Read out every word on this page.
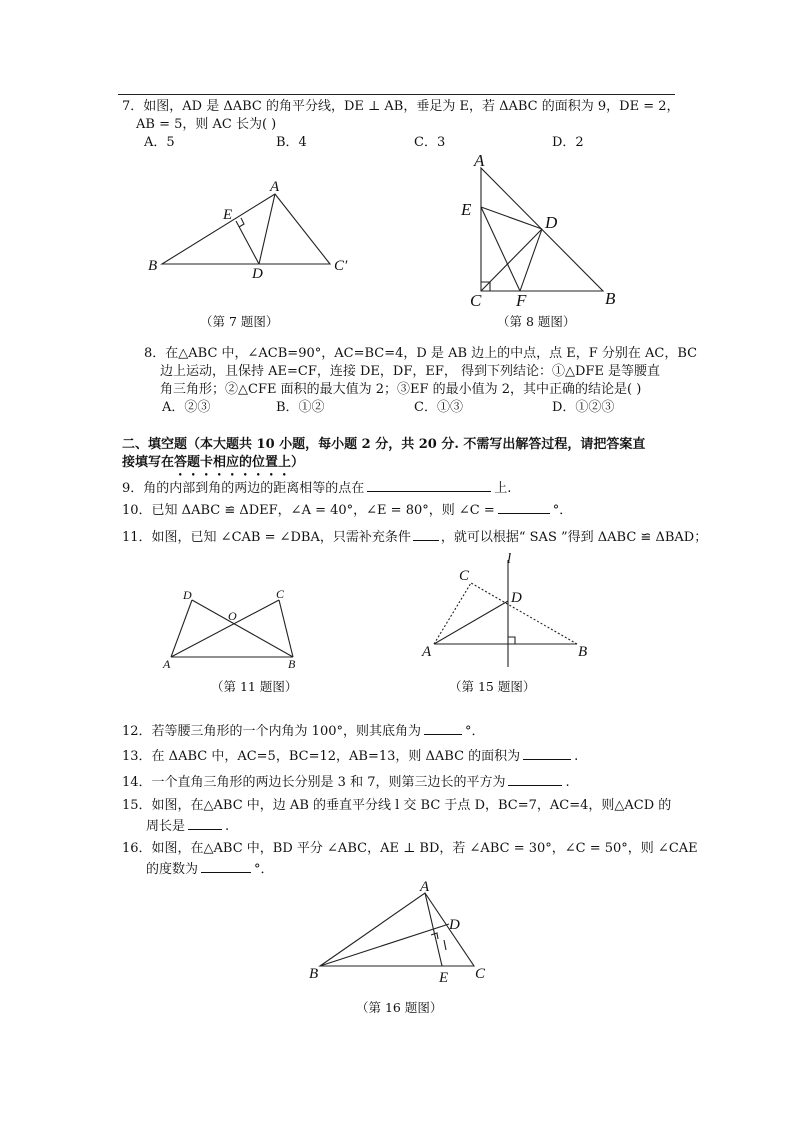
7．如图，AD 是 ΔABC 的角平分线，DE ⊥ AB，垂足为 E，若 ΔABC 的面积为 9，DE = 2，
AB = 5，则 AC 长为( )
A．5	B．4	C．3	D．2
A
E
B	D	C′
（第 7 题图）
A
E
D
C F	B
（第 8 题图）
8．在△ABC 中，∠ACB=90°，AC=BC=4，D 是 AB 边上的中点，点 E，F 分别在 AC，BC
边上运动，且保持 AE=CF，连接 DE，DF，EF， 得到下列结论：①△DFE 是等腰直
角三角形；②△CFE 面积的最大值为 2；③EF 的最小值为 2，其中正确的结论是( )
A．②③	B．①②	C．①③	D．①②③
二、填空题（本大题共 10 小题，每小题 2 分，共 20 分. 不需写出解答过程，请把答案直
接填写在答题卡相应的位置上）
9．角的内部到角的两边的距离相等的点在	上.
10．已知 ΔABC ≌ ΔDEF，∠A = 40°，∠E = 80°，则 ∠C =	°．
11．如图，已知 ∠CAB = ∠DBA，只需补充条件 ，就可以根据“ SAS ”得到 ΔABC ≌ ΔBAD；
D	C
O
A	B
（第 11 题图）
l
C
D
A	B
（第 15 题图）
12．若等腰三角形的一个内角为 100°，则其底角为	°．
13．在 ΔABC 中，AC=5，BC=12，AB=13，则 ΔABC 的面积为	.
14．一个直角三角形的两边长分别是 3 和 7，则第三边长的平方为	.
15．如图，在△ABC 中，边 AB 的垂直平分线 l 交 BC 于点 D，BC=7，AC=4，则△ACD 的
周长是	.
16．如图，在△ABC 中，BD 平分 ∠ABC，AE ⊥ BD，若 ∠ABC = 30°，∠C = 50°，则 ∠CAE
的度数为	°．
A
D
B	E C
（第 16 题图）
